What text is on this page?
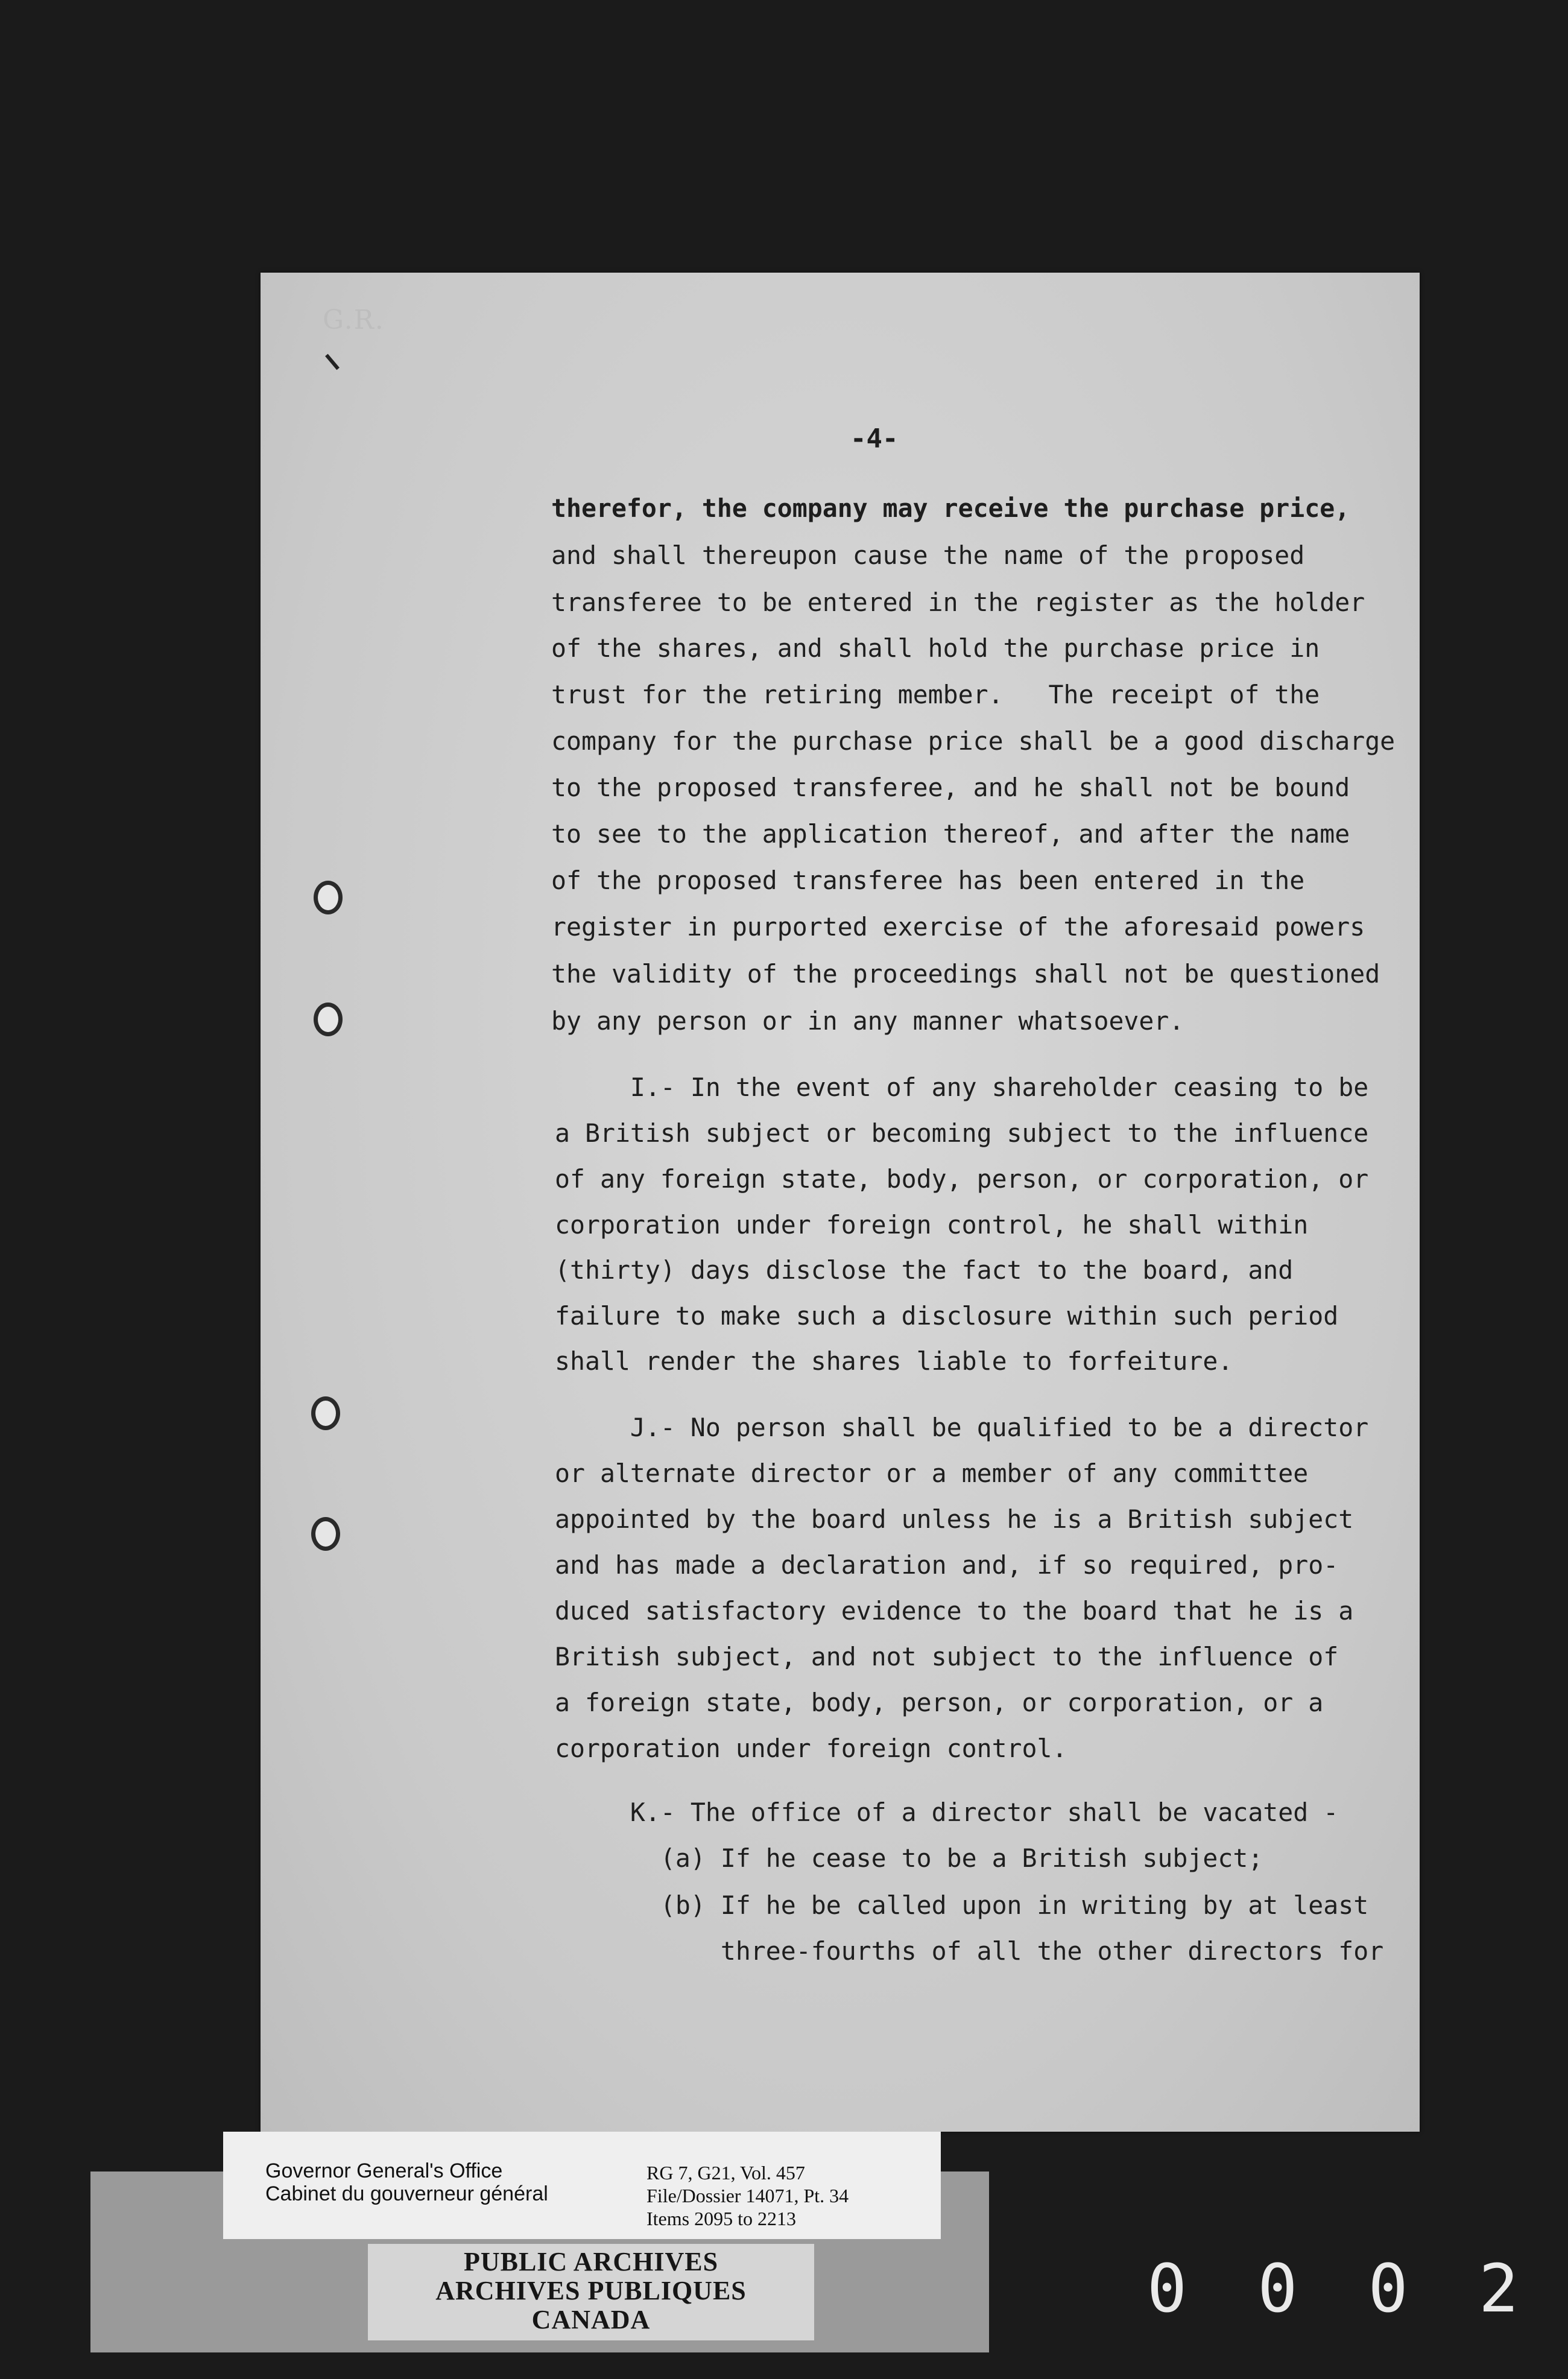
G.R.
-4-

therefor, the company may receive the purchase price,

and shall thereupon cause the name of the proposed

transferee to be entered in the register as the holder

of the shares, and shall hold the purchase price in

trust for the retiring member.   The receipt of the

company for the purchase price shall be a good discharge

to the proposed transferee, and he shall not be bound

to see to the application thereof, and after the name

of the proposed transferee has been entered in the

register in purported exercise of the aforesaid powers

the validity of the proceedings shall not be questioned

by any person or in any manner whatsoever.

I.- In the event of any shareholder ceasing to be

a British subject or becoming subject to the influence

of any foreign state, body, person, or corporation, or

corporation under foreign control, he shall within

(thirty) days disclose the fact to the board, and

failure to make such a disclosure within such period

shall render the shares liable to forfeiture.

J.- No person shall be qualified to be a director

or alternate director or a member of any committee

appointed by the board unless he is a British subject

and has made a declaration and, if so required, pro-

duced satisfactory evidence to the board that he is a

British subject, and not subject to the influence of

a foreign state, body, person, or corporation, or a

corporation under foreign control.

K.- The office of a director shall be vacated -

(a) If he cease to be a British subject;

(b) If he be called upon in writing by at least

three-fourths of all the other directors for

Governor General's Office
Cabinet du gouverneur général
RG 7, G21, Vol. 457
File/Dossier 14071, Pt. 34
Items 2095 to 2213
PUBLIC ARCHIVES
ARCHIVES PUBLIQUES
CANADA	0 0 0 2
